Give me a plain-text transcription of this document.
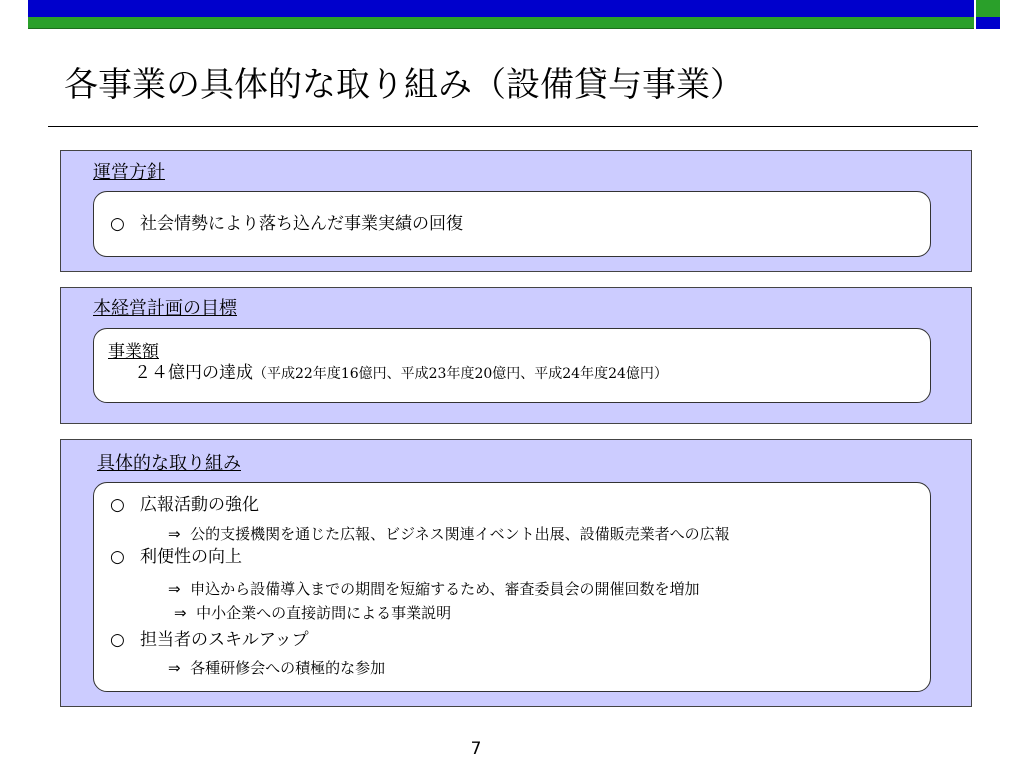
各事業の具体的な取り組み（設備貸与事業）
運営方針
○ 社会情勢により落ち込んだ事業実績の回復
本経営計画の目標
事業額
２４億円の達成（平成22年度16億円、平成23年度20億円、平成24年度24億円）
具体的な取り組み
○ 広報活動の強化
⇒ 公的支援機関を通じた広報、ビジネス関連イベント出展、設備販売業者への広報
○ 利便性の向上
⇒ 申込から設備導入までの期間を短縮するため、審査委員会の開催回数を増加
⇒ 中小企業への直接訪問による事業説明
○ 担当者のスキルアップ
⇒ 各種研修会への積極的な参加
7
